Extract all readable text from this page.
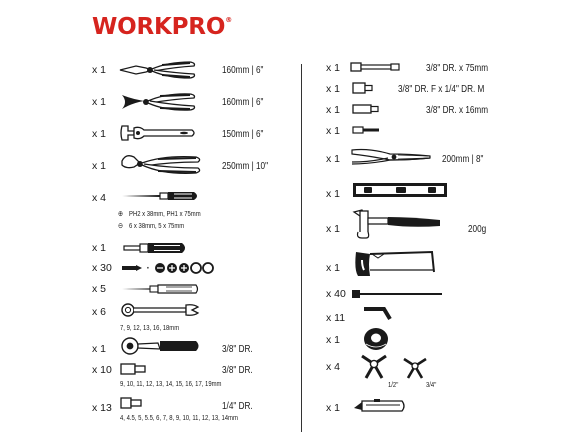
WORKPRO®
x 1	160mm | 6"
x 1	160mm | 6"
x 1	150mm | 6"
x 1	250mm | 10"
x 4
⊕ PH2 x 38mm, PH1 x 75mm
⊖ 6 x 38mm, 5 x 75mm
x 1
x 30	·
x 5
x 6
7, 9, 12, 13, 16, 18mm
x 1	3/8" DR.
x 10	3/8" DR.
9, 10, 11, 12, 13, 14, 15, 16, 17, 19mm
x 13	1/4" DR.
4, 4.5, 5, 5.5, 6, 7, 8, 9, 10, 11, 12, 13, 14mm
x 1	3/8" DR. x 75mm
x 1	3/8" DR. F x 1/4" DR. M
x 1	3/8" DR. x 16mm
x 1
x 1	200mm | 8"
x 1
x 1	200g
x 1
x 40
x 11
x 1
x 4
1/2"	3/4"
x 1
